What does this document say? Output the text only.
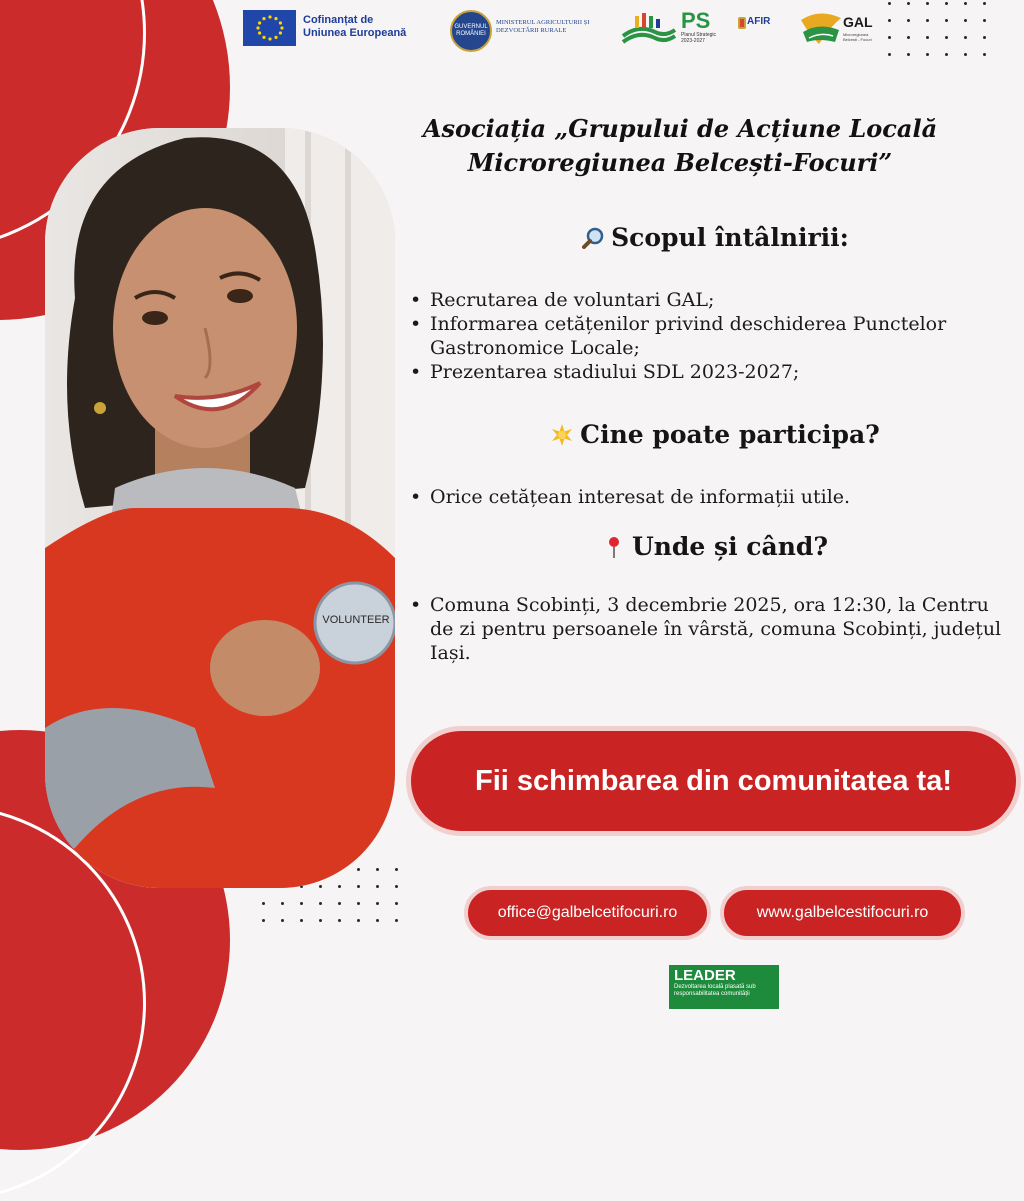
Cofinanțat de
Uniunea Europeană	GUVERNUL ROMÂNIEI
MINISTERUL AGRICULTURII ȘI
DEZVOLTĂRII RURALE	PS
Planul Strategic
2023-2027
AFIR	GAL
Microregiunea
Belcești - Focuri
VOLUNTEER
Asociația „Grupului de Acțiune Locală Microregiunea Belcești-Focuri”
Scopul întâlnirii:
• Recrutarea de voluntari GAL;
• Informarea cetățenilor privind deschiderea Punctelor Gastronomice Locale;
• Prezentarea stadiului SDL 2023-2027;
Cine poate participa?
• Orice cetățean interesat de informații utile.
Unde și când?
• Comuna Scobinți, 3 decembrie 2025, ora 12:30, la Centru de zi pentru persoanele în vârstă, comuna Scobinți, județul Iași.
Fii schimbarea din comunitatea ta!
office@galbelcetifocuri.ro	www.galbelcestifocuri.ro
LEADER
Dezvoltarea locală plasată sub responsabilitatea comunității
